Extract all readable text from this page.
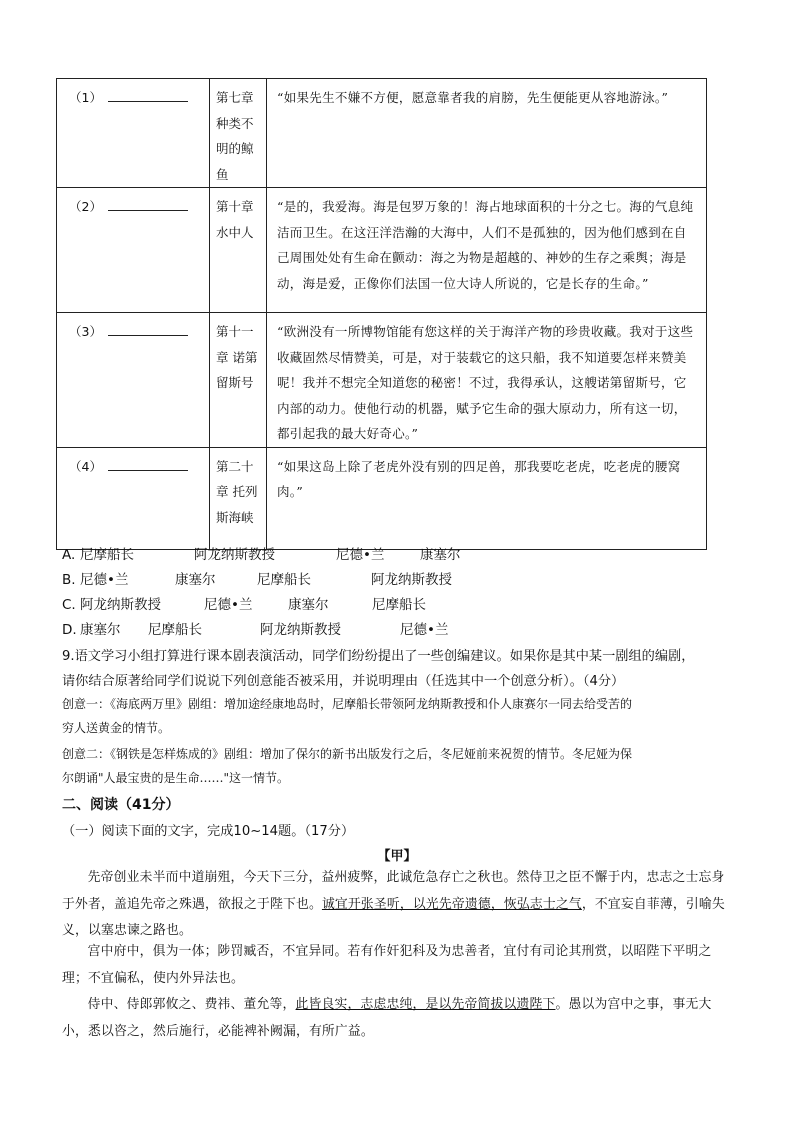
（1）	第七章种类不明的鲸鱼	“如果先生不嫌不方便，愿意靠者我的肩膀，先生便能更从容地游泳。”
（2）	第十章水中人	“是的，我爱海。海是包罗万象的！海占地球面积的十分之七。海的气息纯洁而卫生。在这汪洋浩瀚的大海中，人们不是孤独的，因为他们感到在自己周围处处有生命在颤动：海之为物是超越的、神妙的生存之乘舆；海是动，海是爱，正像你们法国一位大诗人所说的，它是长存的生命。”
（3）	第十一章 诺第留斯号	“欧洲没有一所博物馆能有您这样的关于海洋产物的珍贵收藏。我对于这些收藏固然尽情赞美，可是，对于装载它的这只船，我不知道要怎样来赞美呢！我并不想完全知道您的秘密！不过，我得承认，这艘诺第留斯号，它内部的动力。使他行动的机器，赋予它生命的强大原动力，所有这一切，都引起我的最大好奇心。”
（4）	第二十章 托列斯海峡	“如果这岛上除了老虎外没有别的四足兽，那我要吃老虎，吃老虎的腰窝肉。”
A. 尼摩船长	阿龙纳斯教授	尼德•兰	康塞尔
B. 尼德•兰	康塞尔	尼摩船长	阿龙纳斯教授
C. 阿龙纳斯教授	尼德•兰	康塞尔	尼摩船长
D. 康塞尔 尼摩船长	阿龙纳斯教授	尼德•兰
9.语文学习小组打算进行课本剧表演活动，同学们纷纷提出了一些创编建议。如果你是其中某一剧组的编剧，
请你结合原著给同学们说说下列创意能否被采用，并说明理由（任选其中一个创意分析）。（4分）
创意一：《海底两万里》剧组：增加途经康地岛时，尼摩船长带领阿龙纳斯教授和仆人康赛尔一同去给受苦的
穷人送黄金的情节。
创意二：《钢铁是怎样炼成的》剧组：增加了保尔的新书出版发行之后，冬尼娅前来祝贺的情节。冬尼娅为保
尔朗诵"人最宝贵的是生命……"这一情节。
二、阅读（41分）
（一）阅读下面的文字，完成10~14题。（17分）
【甲】
先帝创业未半而中道崩殂，今天下三分，益州疲弊，此诚危急存亡之秋也。然侍卫之臣不懈于内，忠志之士忘身于外者，盖追先帝之殊遇，欲报之于陛下也。诚宜开张圣听，以光先帝遗德，恢弘志士之气，不宜妄自菲薄，引喻失义，以塞忠谏之路也。
宫中府中，俱为一体；陟罚臧否，不宜异同。若有作奸犯科及为忠善者，宜付有司论其刑赏，以昭陛下平明之理；不宜偏私，使内外异法也。
侍中、侍郎郭攸之、费祎、董允等，此皆良实，志虑忠纯，是以先帝简拔以遗陛下。愚以为宫中之事，事无大小，悉以咨之，然后施行，必能裨补阙漏，有所广益。
